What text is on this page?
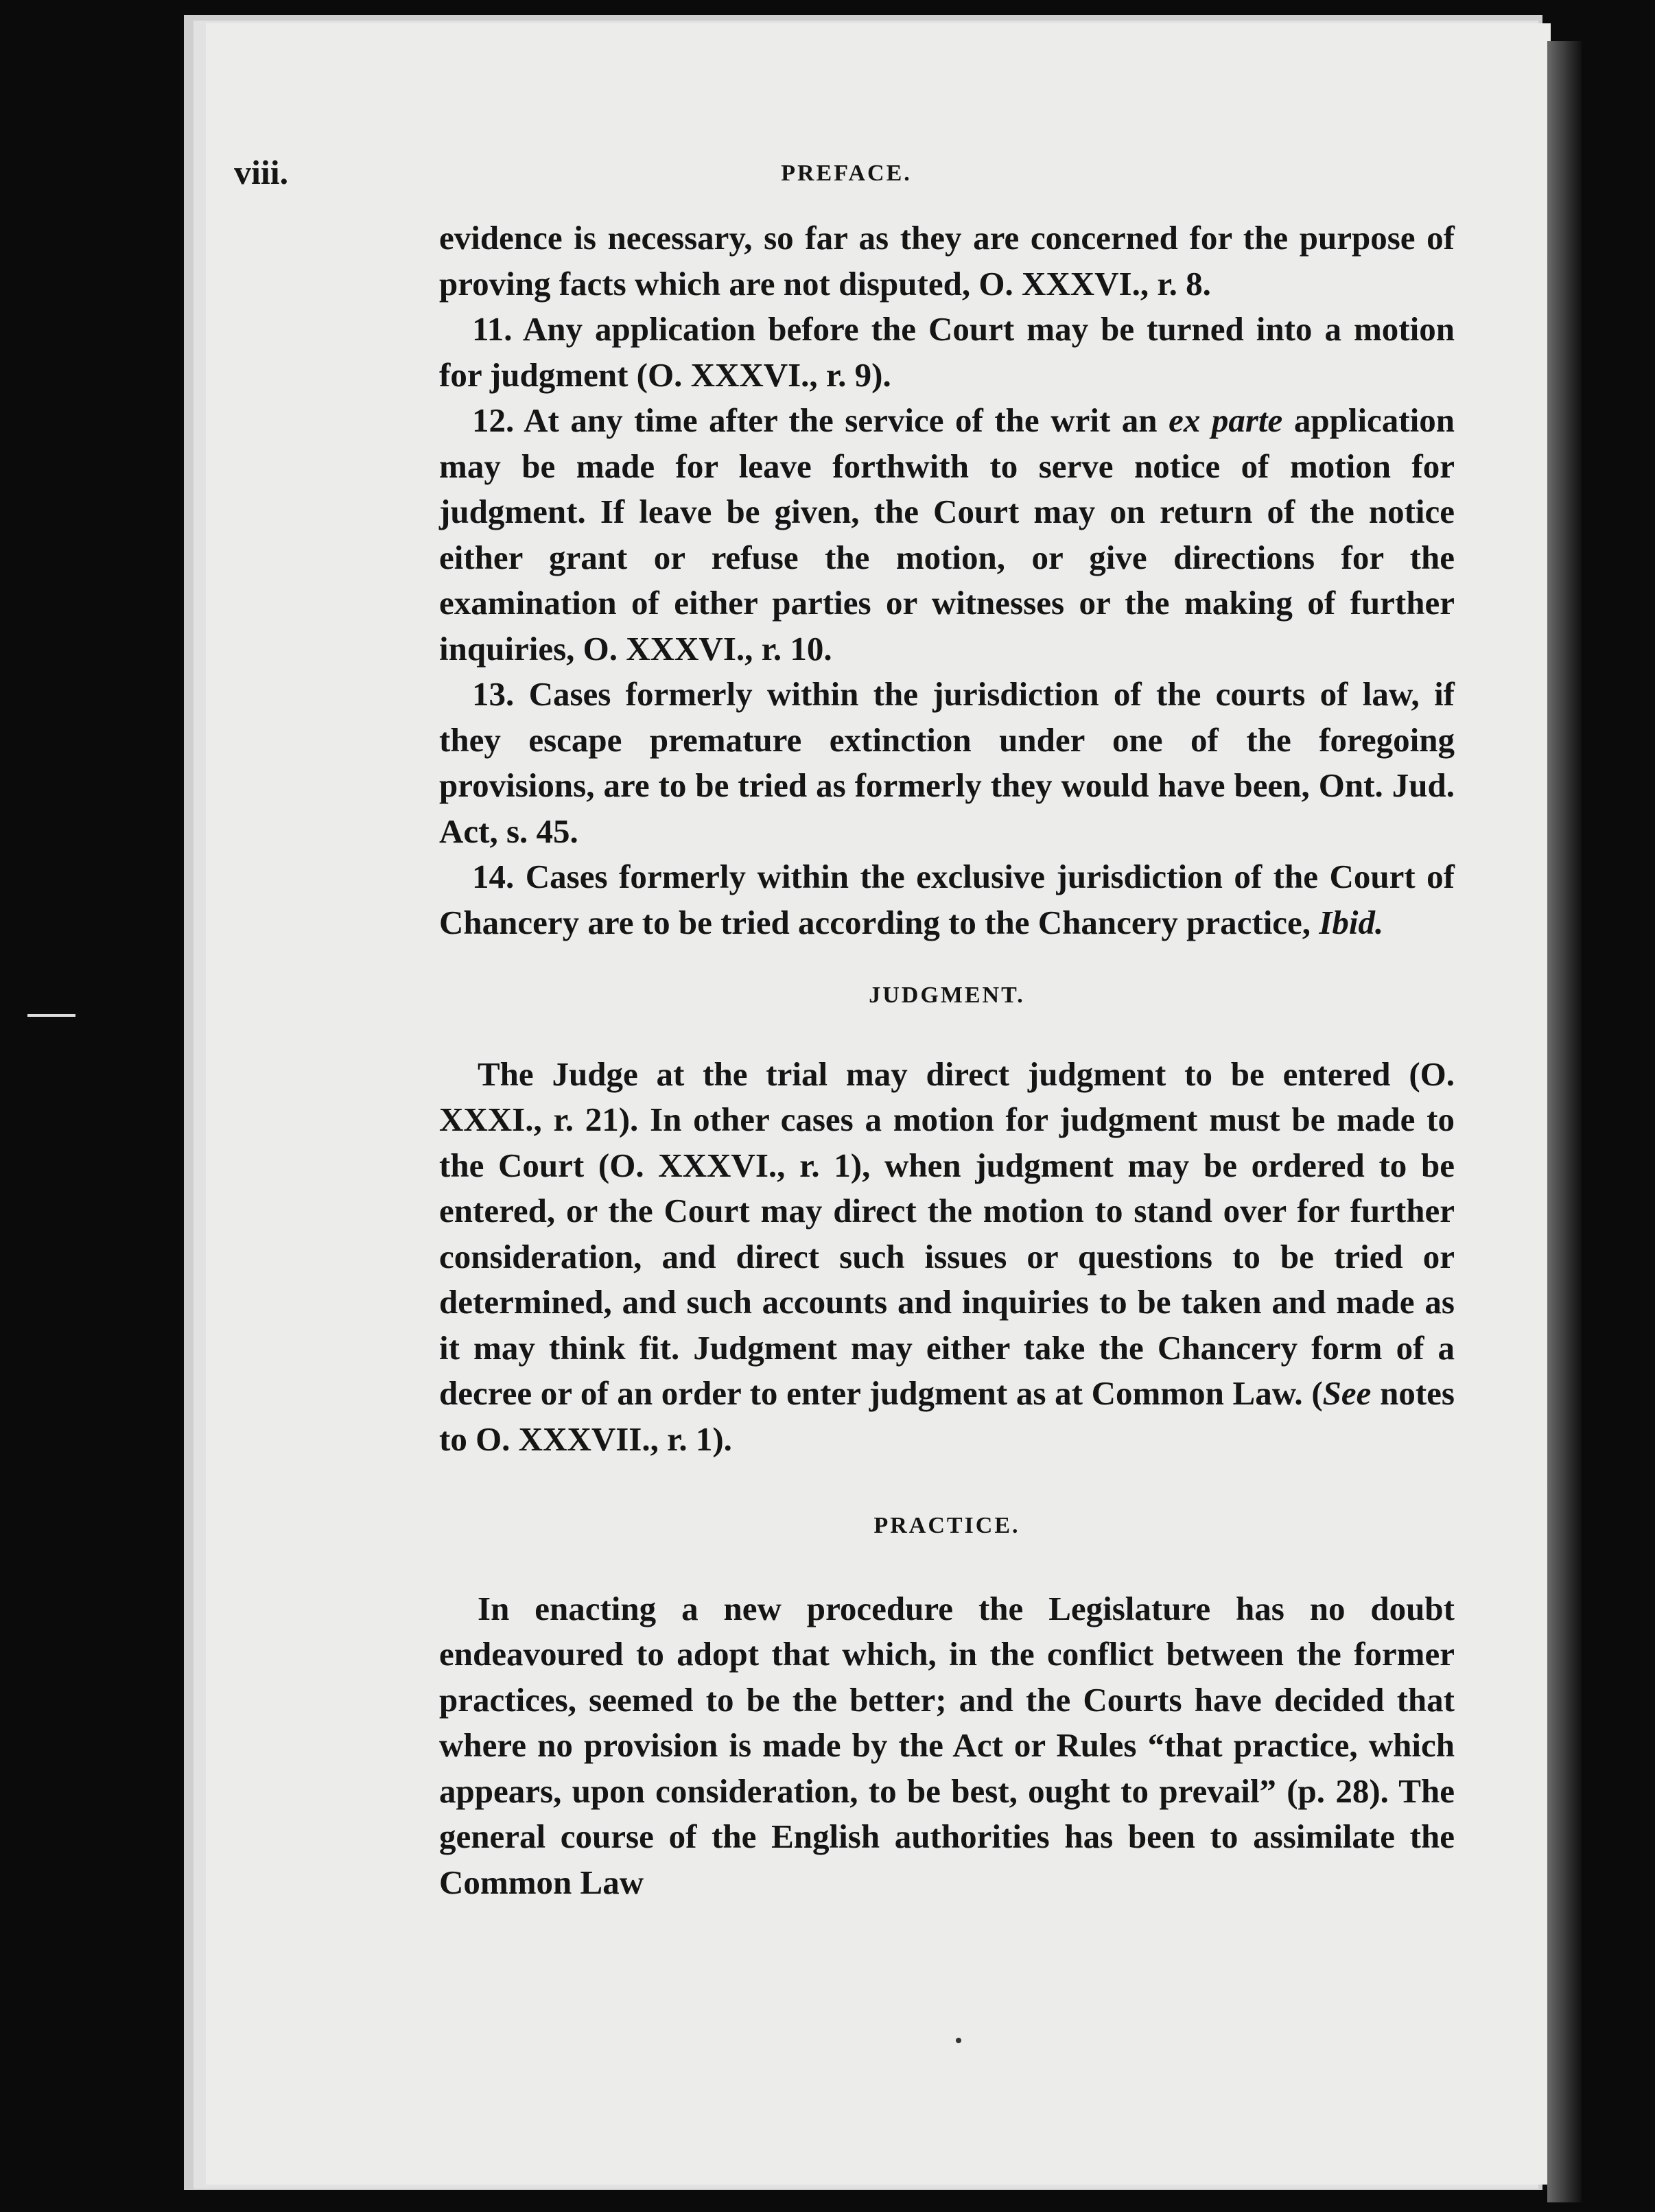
viii.	PREFACE.

evidence is necessary, so far as they are concerned for the purpose of proving facts which are not disputed, O. XXXVI., r. 8.

11. Any application before the Court may be turned into a motion for judgment (O. XXXVI., r. 9).

12. At any time after the service of the writ an ex parte application may be made for leave forthwith to serve notice of motion for judgment. If leave be given, the Court may on return of the notice either grant or refuse the motion, or give directions for the examination of either parties or witnesses or the making of further inquiries, O. XXXVI., r. 10.

13. Cases formerly within the jurisdiction of the courts of law, if they escape premature extinction under one of the foregoing provisions, are to be tried as formerly they would have been, Ont. Jud. Act, s. 45.

14. Cases formerly within the exclusive jurisdiction of the Court of Chancery are to be tried according to the Chancery practice, Ibid.

JUDGMENT.

The Judge at the trial may direct judgment to be entered (O. XXXI., r. 21). In other cases a motion for judgment must be made to the Court (O. XXXVI., r. 1), when judgment may be ordered to be entered, or the Court may direct the motion to stand over for further consideration, and direct such issues or questions to be tried or determined, and such accounts and inquiries to be taken and made as it may think fit. Judgment may either take the Chancery form of a decree or of an order to enter judgment as at Common Law. (See notes to O. XXXVII., r. 1).

PRACTICE.

In enacting a new procedure the Legislature has no doubt endeavoured to adopt that which, in the conflict between the former practices, seemed to be the better; and the Courts have decided that where no provision is made by the Act or Rules “that practice, which appears, upon consideration, to be best, ought to prevail” (p. 28). The general course of the English authorities has been to assimilate the Common Law
